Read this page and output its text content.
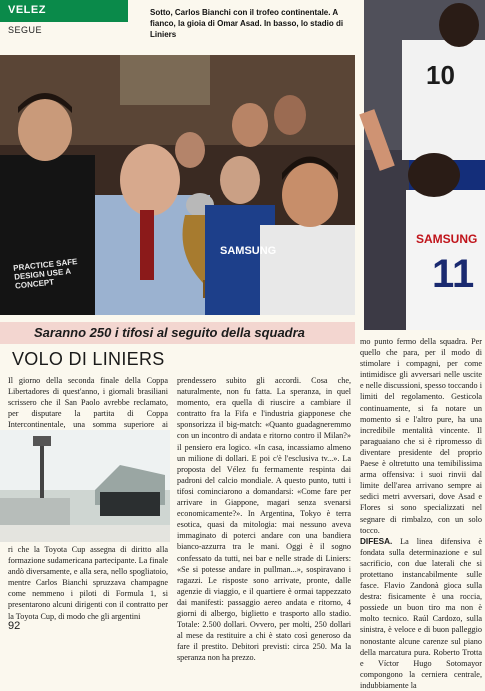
VELEZ
SEGUE
Sotto, Carlos Bianchi con il trofeo continentale. A fianco, la gioia di Omar Asad. In basso, lo stadio di Liniers
PRACTICE SAFE DESIGN USE A CONCEPT
SAMSUNG
10
SAMSUNG
11
Saranno 250 i tifosi al seguito della squadra
VOLO DI LINIERS
Il giorno della seconda finale della Coppa Libertadores di quest'anno, i giornali brasiliani scrissero che il San Paolo avrebbe reclamato, per disputare la partita di Coppa Intercontinentale, una somma superiore ai
ri che la Toyota Cup assegna di diritto alla formazione sudamericana partecipante. La finale andò diversamente, e alla sera, nello spogliatoio, mentre Carlos Bianchi spruzzava champagne come nemmeno i piloti di Formula 1, si presentarono alcuni dirigenti con il contratto per la Toyota Cup, di modo che gli argentini
prendessero subito gli accordi. Cosa che, naturalmente, non fu fatta. La speranza, in quel momento, era quella di riuscire a cambiare il contratto fra la Fifa e l'industria giapponese che sponsorizza il big-match: «Quanto guadagneremmo con un incontro di andata e ritorno contro il Milan?» il pensiero era logico. «In casa, incassiamo almeno un milione di dollari. E poi c'è l'esclusiva tv...». La proposta del Vélez fu fermamente respinta dai padroni del calcio mondiale. A questo punto, tutti i tifosi cominciarono a domandarsi: «Come fare per arrivare in Giappone, magari senza svenarsi economicamente?». In Argentina, Tokyo è terra esotica, quasi da mitologia: mai nessuno aveva immaginato di poterci andare con una bandiera bianco-azzurra tra le mani. Oggi è il sogno confessato da tutti, nei bar e nelle strade di Liniers: «Se si potesse andare in pullman...», sospiravano i ragazzi. Le risposte sono arrivate, pronte, dalle agenzie di viaggio, e il quartiere è ormai tappezzato dai manifesti: passaggio aereo andata e ritorno, 4 giorni di albergo, biglietto e trasporto allo stadio. Totale: 2.500 dollari. Ovvero, per molti, 250 dollari al mese da restituire a chi è stato così generoso da fare il prestito. Debitori previsti: circa 250. Ma la speranza non ha prezzo.
mo punto fermo della squadra. Per quello che para, per il modo di stimolare i compagni, per come intimidisce gli avversari nelle uscite e nelle discussioni, spesso toccando i limiti del regolamento. Gesticola continuamente, si fa notare un momento sì e l'altro pure, ha una incredibile mentalità vincente. Il paraguaiano che si è ripromesso di diventare presidente del proprio Paese è oltretutto una temibilissima arma offensiva: i suoi rinvii dal limite dell'area arrivano sempre ai sedici metri avversari, dove Asad e Flores si sono specializzati nel segnare di rimbalzo, con un solo tocco.
DIFESA. La linea difensiva è fondata sulla determinazione e sul sacrificio, con due laterali che si protettano instancabilmente sulle fasce. Flavio Zandonà gioca sulla destra: fisicamente è una roccia, possiede un buon tiro ma non è molto tecnico. Raúl Cardozo, sulla sinistra, è veloce e di buon palleggio nonostante alcune carenze sul piano della marcatura pura. Roberto Trotta e Víctor Hugo Sotomayor compongono la cerniera centrale, indubbiamente la
92
